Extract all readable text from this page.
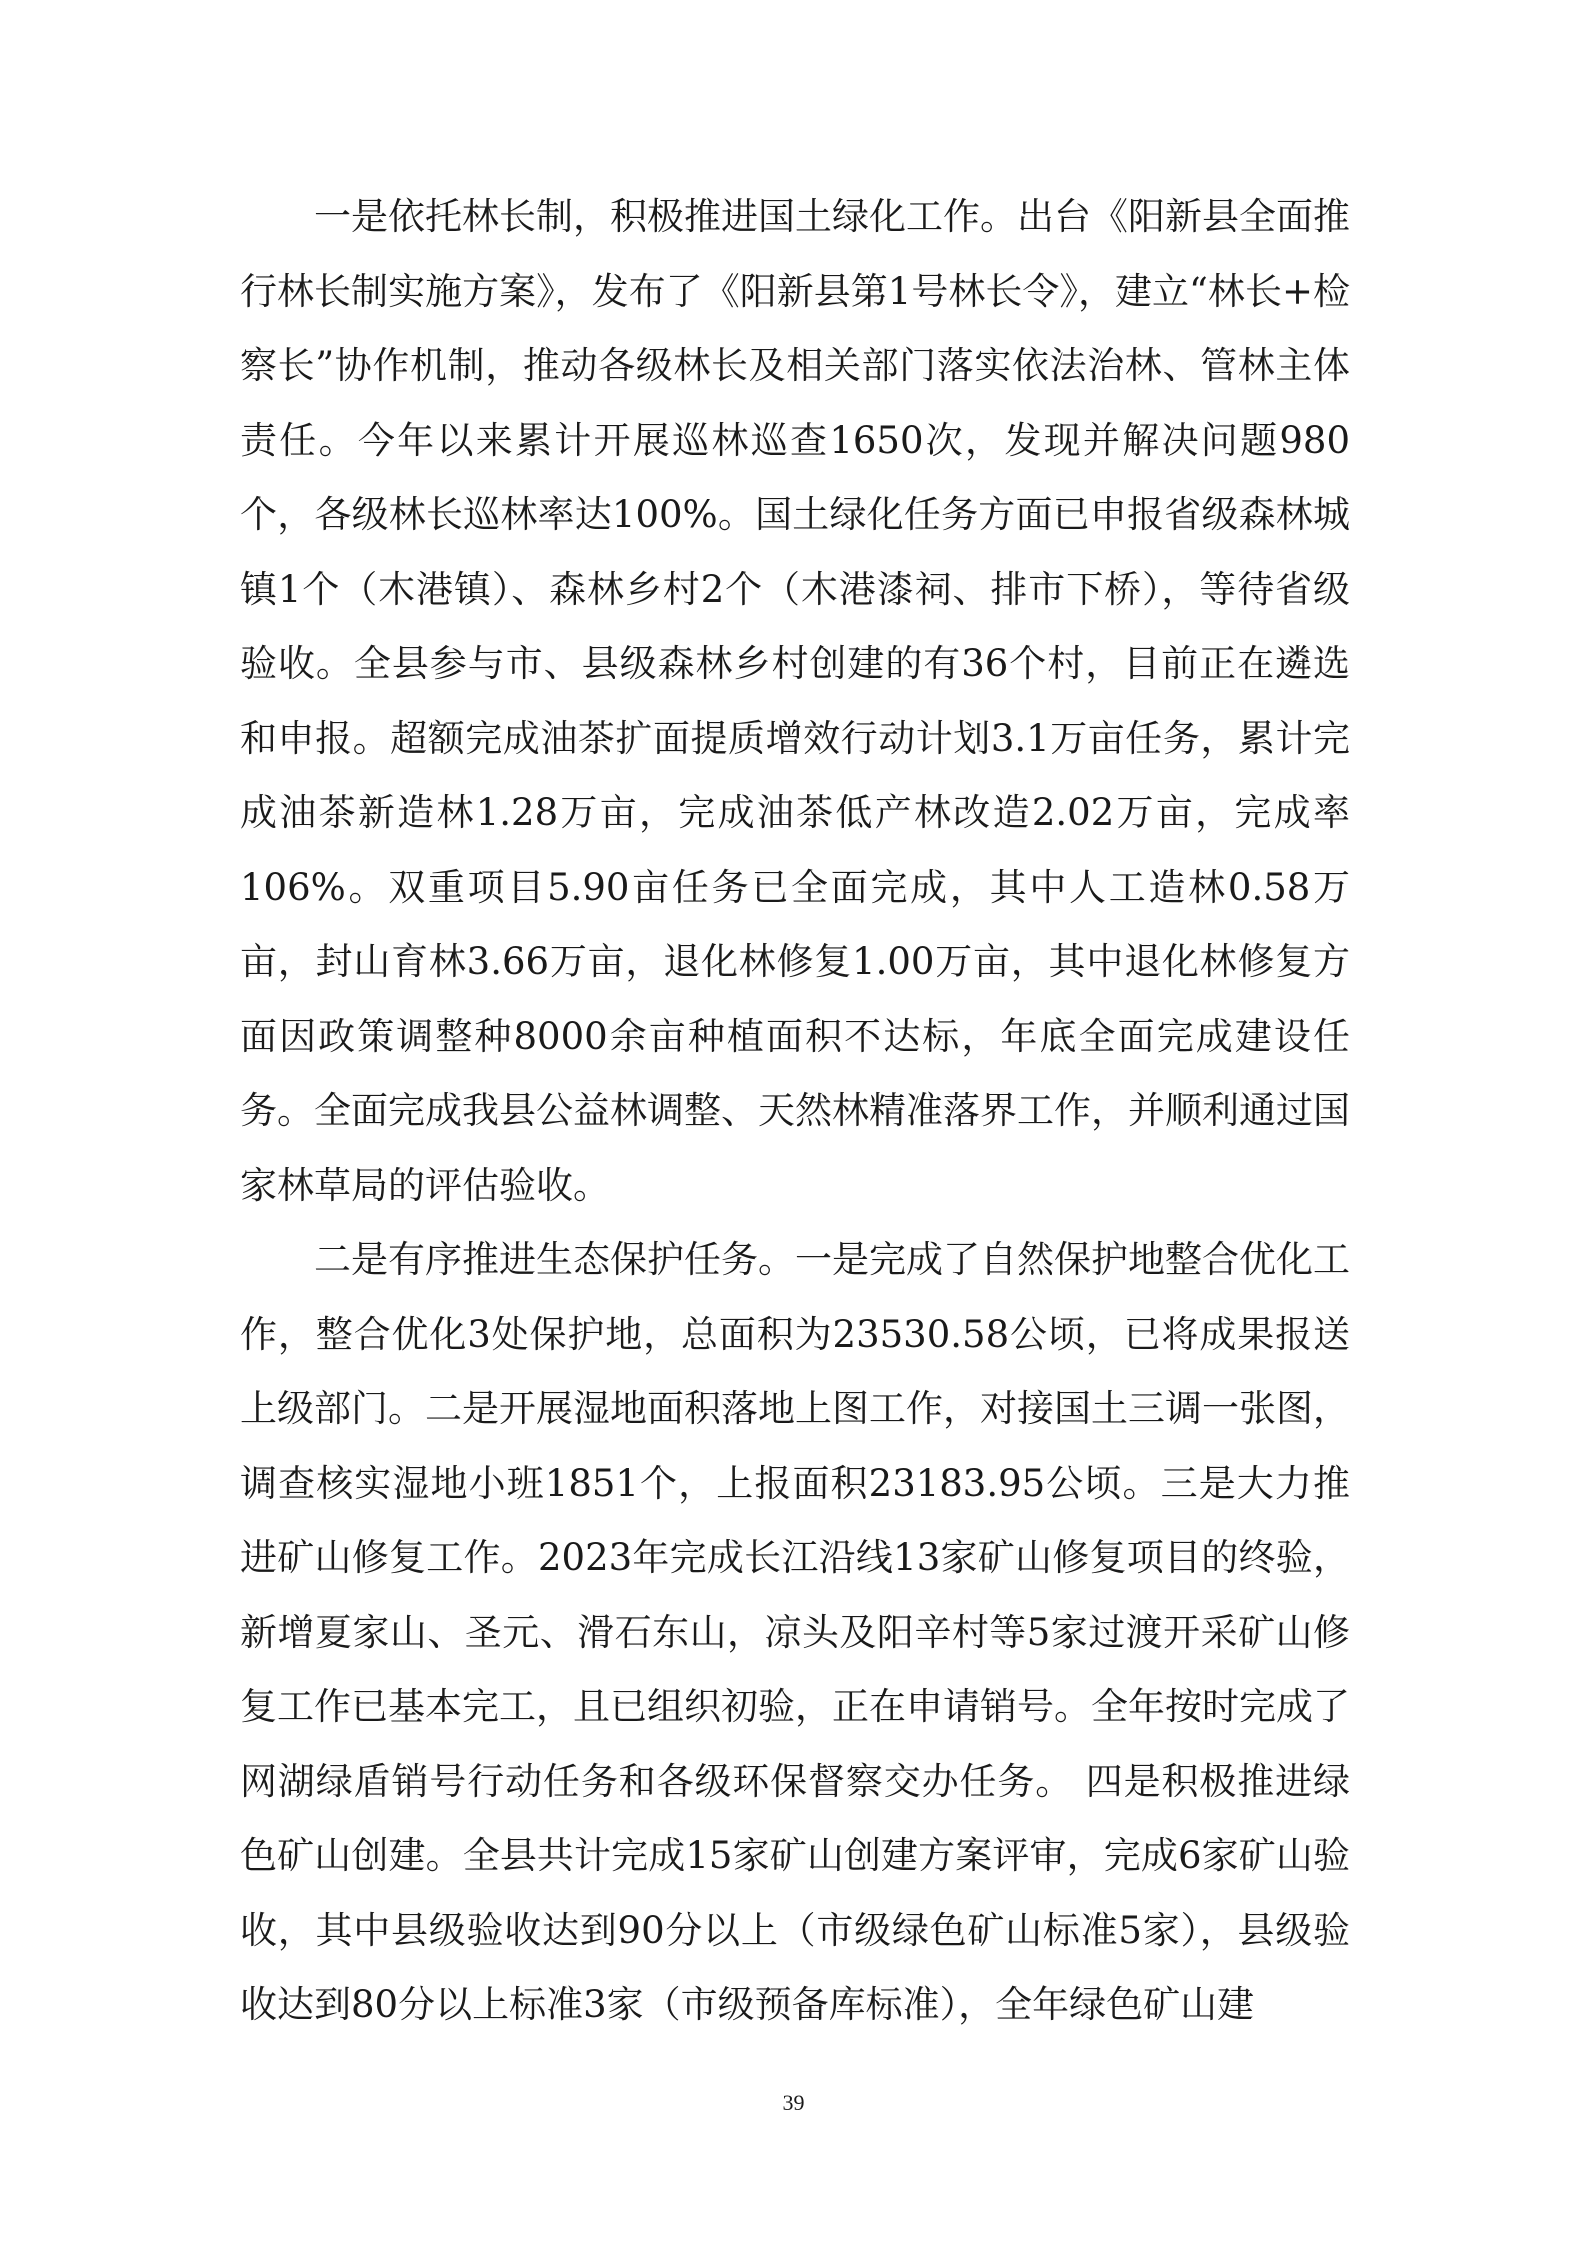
一是依托林长制，积极推进国土绿化工作。出台《阳新县全面推行林长制实施方案》，发布了《阳新县第1号林长令》，建立“林长+检察长”协作机制，推动各级林长及相关部门落实依法治林、管林主体责任。今年以来累计开展巡林巡查1650次，发现并解决问题980个，各级林长巡林率达100%。国土绿化任务方面已申报省级森林城镇1个（木港镇）、森林乡村2个（木港漆祠、排市下桥），等待省级验收。全县参与市、县级森林乡村创建的有36个村，目前正在遴选和申报。超额完成油茶扩面提质增效行动计划3.1万亩任务，累计完成油茶新造林1.28万亩，完成油茶低产林改造2.02万亩，完成率106%。双重项目5.90亩任务已全面完成，其中人工造林0.58万亩，封山育林3.66万亩，退化林修复1.00万亩，其中退化林修复方面因政策调整种8000余亩种植面积不达标，年底全面完成建设任务。全面完成我县公益林调整、天然林精准落界工作，并顺利通过国家林草局的评估验收。

二是有序推进生态保护任务。一是完成了自然保护地整合优化工作，整合优化3处保护地，总面积为23530.58公顷，已将成果报送上级部门。二是开展湿地面积落地上图工作，对接国土三调一张图，调查核实湿地小班1851个，上报面积23183.95公顷。三是大力推进矿山修复工作。2023年完成长江沿线13家矿山修复项目的终验，新增夏家山、圣元、滑石东山，凉头及阳辛村等5家过渡开采矿山修复工作已基本完工，且已组织初验，正在申请销号。全年按时完成了网湖绿盾销号行动任务和各级环保督察交办任务。 四是积极推进绿色矿山创建。全县共计完成15家矿山创建方案评审，完成6家矿山验收，其中县级验收达到90分以上（市级绿色矿山标准5家），县级验收达到80分以上标准3家（市级预备库标准），全年绿色矿山建

39
